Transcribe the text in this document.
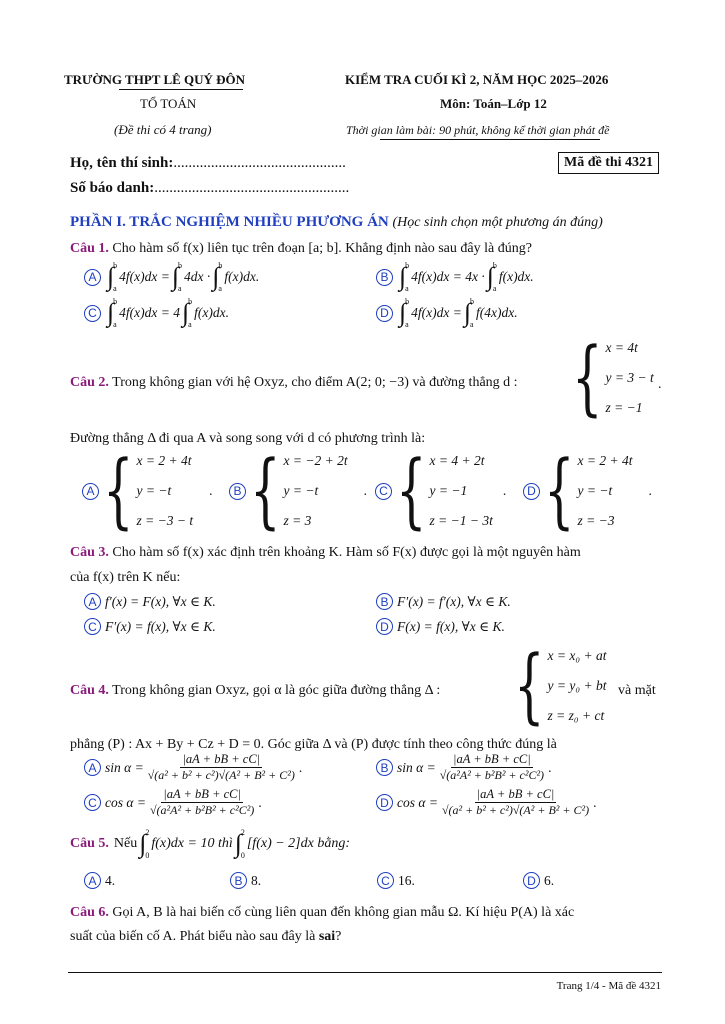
TRƯỜNG THPT LÊ QUÝ ĐÔN
TỔ TOÁN
(Đề thi có 4 trang)
KIỂM TRA CUỐI KÌ 2, NĂM HỌC 2025–2026
Môn: Toán–Lớp 12
Thời gian làm bài: 90 phút, không kể thời gian phát đề
Họ, tên thí sinh:..............................................
Số báo danh:....................................................
Mã đề thi 4321
PHẦN I. TRẮC NGHIỆM NHIỀU PHƯƠNG ÁN (Học sinh chọn một phương án đúng)
Câu 1. Cho hàm số f(x) liên tục trên đoạn [a; b]. Khẳng định nào sau đây là đúng?
A ∫ b
a
4f(x)dx = ∫ b
a
4dx · ∫ b
a
f(x)dx.	B ∫ b
a
4f(x)dx = 4x · ∫ b
a
f(x)dx.
C ∫ b
a
4f(x)dx = 4 ∫ b
a
f(x)dx.	D ∫ b
a
4f(x)dx = ∫ b
a
f(4x)dx.
Câu 2. Trong không gian với hệ Oxyz, cho điểm A(2; 0; −3) và đường thẳng d : { x = 4t
y = 3 − t
z = −1
.
Đường thẳng Δ đi qua A và song song với d có phương trình là:
A { x = 2 + 4t
y = −t
z = −3 − t
.	B { x = −2 + 2t
y = −t
z = 3
.	C { x = 4 + 2t
y = −1
z = −1 − 3t
.	D { x = 2 + 4t
y = −t
z = −3
.
Câu 3. Cho hàm số f(x) xác định trên khoảng K. Hàm số F(x) được gọi là một nguyên hàm
của f(x) trên K nếu:
A f′(x) = F(x), ∀x ∈ K.	B F′(x) = f′(x), ∀x ∈ K.
C F′(x) = f(x), ∀x ∈ K.	D F(x) = f(x), ∀x ∈ K.
Câu 4. Trong không gian Oxyz, gọi α là góc giữa đường thẳng Δ : { x = x₀ + at
y = y₀ + bt
z = z₀ + ct
và mặt
phẳng (P) : Ax + By + Cz + D = 0. Góc giữa Δ và (P) được tính theo công thức đúng là
A $\sin \alpha = \frac{|aA + bB + cC|}{\text{√(a² + b² + c²)√(A² + B² + C²)}}$ .	B $\sin \alpha = \frac{|aA + bB + cC|}{\text{√(a²A² + b²B² + c²C²)}}$ .
C $\cos \alpha = \frac{|aA + bB + cC|}{\text{√(a²A² + b²B² + c²C²)}}$ .	D $\cos \alpha = \frac{|aA + bB + cC|}{\text{√(a² + b² + c²)√(A² + B² + C²)}}$ .
Câu 5. Nếu ∫ 2
0
f(x)dx = 10 thì ∫ 2
0
[f(x) − 2]dx bằng:
A 4.	B 8.	C 16.	D 6.
Câu 6. Gọi A, B là hai biến cố cùng liên quan đến không gian mẫu Ω. Kí hiệu P(A) là xác
suất của biến cố A. Phát biểu nào sau đây là sai?
Trang 1/4 - Mã đề 4321
